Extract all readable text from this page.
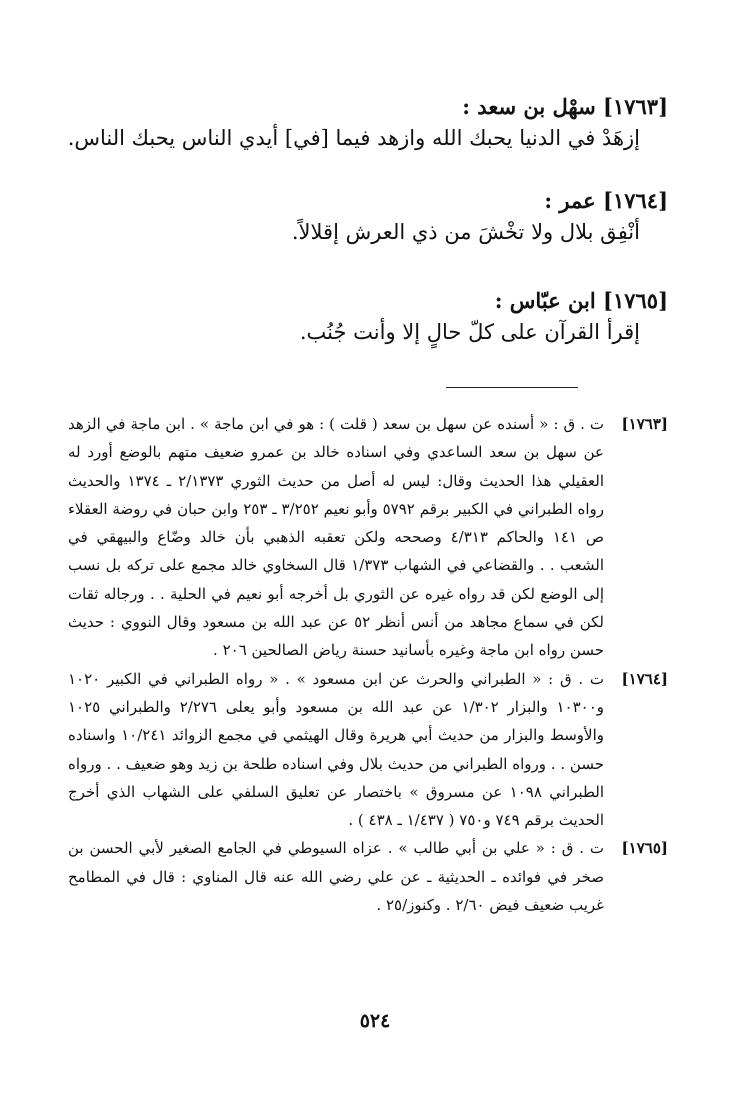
[١٧٦٣] سهْل بن سعد :
إزهَدْ في الدنيا يحبك الله وازهد فيما [في] أيدي الناس يحبك الناس.
[١٧٦٤] عمر :
أنْفِق بلال ولا تخْشَ من ذي العرش إقلالاً.
[١٧٦٥] ابن عبّاس :
إقرأ القرآن على كلّ حالٍ إلا وأنت جُنُب.
[١٧٦٣]
ت . ق : « أسنده عن سهل بن سعد ( قلت ) : هو في ابن ماجة » . ابن ماجة في الزهد عن سهل بن سعد الساعدي وفي اسناده خالد بن عمرو ضعيف متهم بالوضع أورد له العقيلي هذا الحديث وقال: ليس له أصل من حديث الثوري ٢/١٣٧٣ ـ ١٣٧٤ والحديث رواه الطبراني في الكبير برقم ٥٧٩٢ وأبو نعيم ٣/٢٥٢ ـ ٢٥٣ وابن حبان في روضة العقلاء ص ١٤١ والحاكم ٤/٣١٣ وصححه ولكن تعقبه الذهبي بأن خالد وضّاع والبيهقي في الشعب . . والقضاعي في الشهاب ١/٣٧٣ قال السخاوي خالد مجمع على تركه بل نسب إلى الوضع لكن قد رواه غيره عن الثوري بل أخرجه أبو نعيم في الحلية . . ورجاله ثقات لكن في سماع مجاهد من أنس أنظر ٥٢ عن عبد الله بن مسعود وقال النووي : حديث حسن رواه ابن ماجة وغيره بأسانيد حسنة رياض الصالحين ٢٠٦ .
[١٧٦٤]
ت . ق : « الطبراني والحرث عن ابن مسعود » . « رواه الطبراني في الكبير ١٠٢٠ و١٠٣٠٠ والبزار ١/٣٠٢ عن عبد الله بن مسعود وأبو يعلى ٢/٢٧٦ والطبراني ١٠٢٥ والأوسط والبزار من حديث أبي هريرة وقال الهيثمي في مجمع الزوائد ١٠/٢٤١ واسناده حسن . . ورواه الطبراني من حديث بلال وفي اسناده طلحة بن زيد وهو ضعيف . . ورواه الطبراني ١٠٩٨ عن مسروق » باختصار عن تعليق السلفي على الشهاب الذي أخرج الحديث برقم ٧٤٩ و٧٥٠ ( ١/٤٣٧ ـ ٤٣٨ ) .
[١٧٦٥]
ت . ق : « علي بن أبي طالب » . عزاه السيوطي في الجامع الصغير لأبي الحسن بن صخر في فوائده ـ الحديثية ـ عن علي رضي الله عنه قال المناوي : قال في المطامح غريب ضعيف فيض ٢/٦٠ . وكنوز/٢٥ .
٥٢٤
